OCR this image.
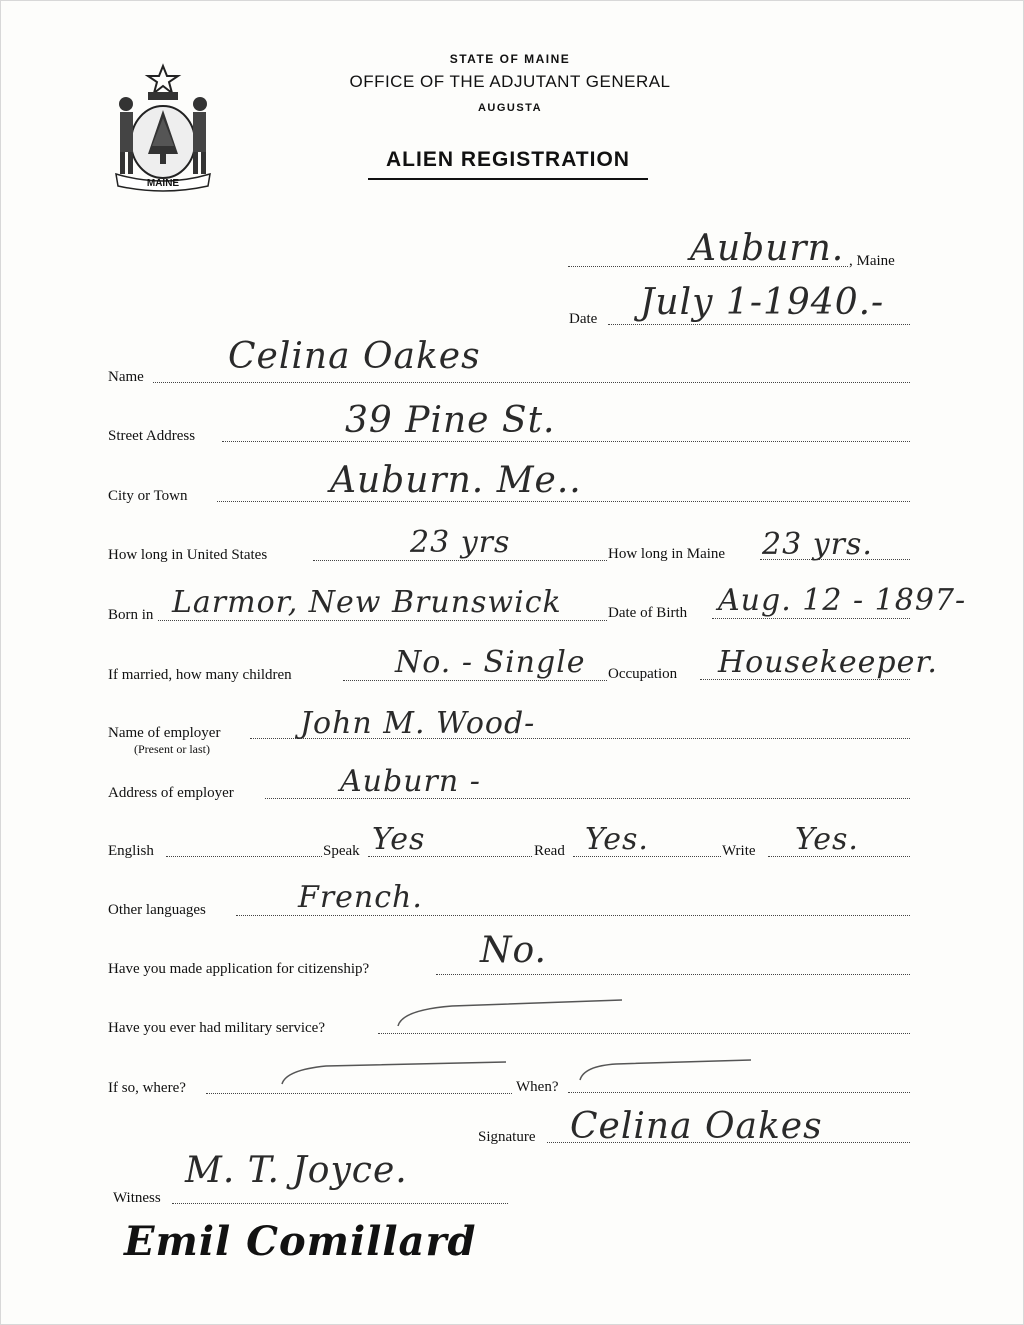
MAINE
STATE OF MAINE
OFFICE OF THE ADJUTANT GENERAL
AUGUSTA
ALIEN REGISTRATION
Auburn. , Maine
Date July 1-1940.-
Name Celina Oakes
Street Address	39 Pine St.
City or Town	Auburn. Me..
How long in United States	23 yrs	How long in Maine 23 yrs.
Born in Larmor, New Brunswick	Date of Birth Aug. 12 - 1897-
If married, how many children	No. - Single Occupation Housekeeper.
Name of employer
(Present or last)
John M. Wood-
Address of employer	Auburn -
English	Speak Yes	Read Yes.	Write Yes.
Other languages	French.
Have you made application for citizenship?	No.
Have you ever had military service?
If so, where?	When?
Signature Celina Oakes
Witness
M. T. Joyce.
Emil Comillard
